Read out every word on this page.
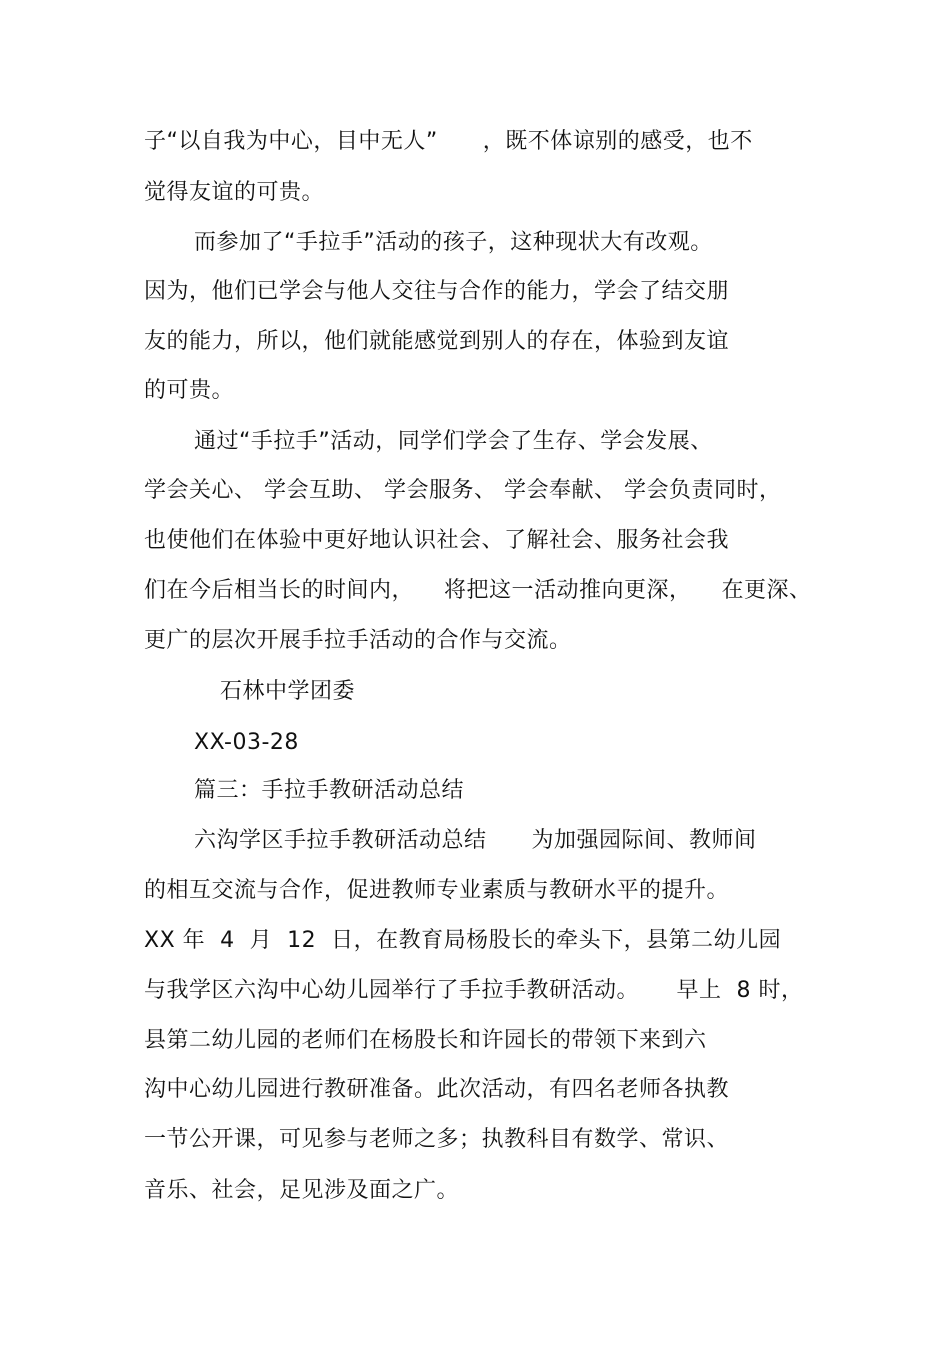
子“以自我为中心，目中无人”      ，既不体谅别的感受，也不
觉得友谊的可贵。
而参加了“手拉手”活动的孩子，这种现状大有改观。
因为，他们已学会与他人交往与合作的能力，学会了结交朋
友的能力，所以，他们就能感觉到别人的存在，体验到友谊
的可贵。
通过“手拉手”活动，同学们学会了生存、学会发展、
学会关心、 学会互助、 学会服务、 学会奉献、 学会负责同时，
也使他们在体验中更好地认识社会、了解社会、服务社会我
们在今后相当长的时间内，    将把这一活动推向更深，    在更深、
更广的层次开展手拉手活动的合作与交流。
石林中学团委
XX-03-28
篇三：手拉手教研活动总结
六沟学区手拉手教研活动总结      为加强园际间、教师间
的相互交流与合作，促进教师专业素质与教研水平的提升。
XX 年  4  月  12  日，在教育局杨股长的牵头下，县第二幼儿园
与我学区六沟中心幼儿园举行了手拉手教研活动。     早上  8 时，
县第二幼儿园的老师们在杨股长和许园长的带领下来到六
沟中心幼儿园进行教研准备。此次活动，有四名老师各执教
一节公开课，可见参与老师之多；执教科目有数学、常识、
音乐、社会，足见涉及面之广。
